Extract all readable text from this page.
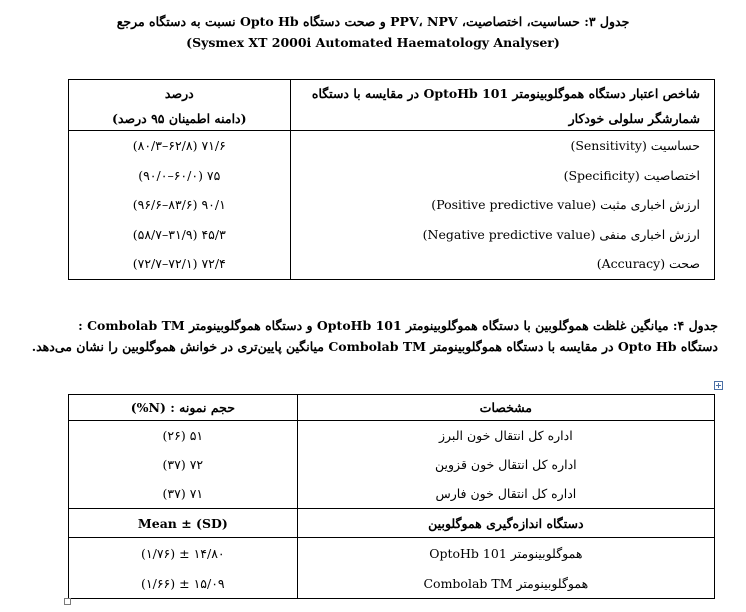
جدول ۳: حساسیت، اختصاصیت، PPV، NPV و صحت دستگاه Opto Hb نسبت به دستگاه مرجع
(Sysmex XT 2000i Automated Haematology Analyser)
شاخص اعتبار دستگاه هموگلوبینومتر OptoHb 101 در مقایسه با دستگاه	درصد
شمارشگر سلولی خودکار	(دامنه اطمینان ۹۵ درصد)
حساسیت (Sensitivity)	۷۱/۶ (۶۲/۸–۸۰/۳)
اختصاصیت (Specificity)	۷۵ (۶۰/۰–۹۰/۰)
ارزش اخباری مثبت (Positive predictive value)	۹۰/۱ (۸۳/۶–۹۶/۶)
ارزش اخباری منفی (Negative predictive value)	۴۵/۳ (۳۱/۹–۵۸/۷)
صحت (Accuracy)	۷۲/۴ (۷۲/۱–۷۲/۷)
جدول ۴: میانگین غلظت هموگلوبین با دستگاه هموگلوبینومتر OptoHb 101 و دستگاه هموگلوبینومتر Combolab TM :
دستگاه Opto Hb در مقایسه با دستگاه هموگلوبینومتر Combolab TM میانگین پایین‌تری در خوانش هموگلوبین را نشان می‌دهد.
مشخصات	حجم نمونه : (N%)
اداره کل انتقال خون البرز	۵۱ (۲۶)
اداره کل انتقال خون قزوین	۷۲ (۳۷)
اداره کل انتقال خون فارس	۷۱ (۳۷)
دستگاه اندازه‌گیری هموگلوبین	Mean ± (SD)
هموگلوبینومتر OptoHb 101	۱۴/۸۰ ± (۱/۷۶)
هموگلوبینومتر Combolab TM	۱۵/۰۹ ± (۱/۶۶)
